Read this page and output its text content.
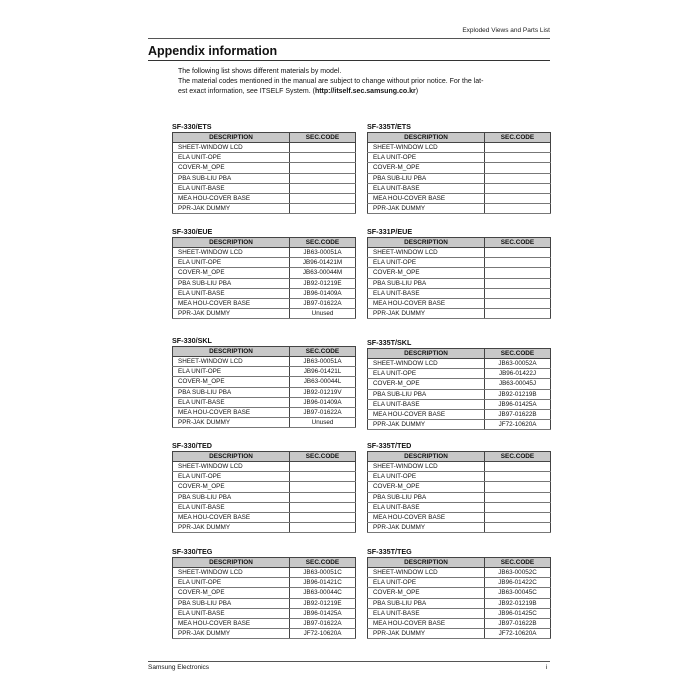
Exploded Views and Parts List
Appendix information
The following list shows different materials by model.
The material codes mentioned in the manual are subject to change without prior notice. For the lat-
est exact information, see ITSELF System. (http://itself.sec.samsung.co.kr)
SF-330/ETS
DESCRIPTION	SEC.CODE
SHEET-WINDOW LCD	
ELA UNIT-OPE	
COVER-M_OPE	
PBA SUB-LIU PBA	
ELA UNIT-BASE	
MEA HOU-COVER BASE	
PPR-JAK DUMMY	
SF-335T/ETS
DESCRIPTION	SEC.CODE
SHEET-WINDOW LCD	
ELA UNIT-OPE	
COVER-M_OPE	
PBA SUB-LIU PBA	
ELA UNIT-BASE	
MEA HOU-COVER BASE	
PPR-JAK DUMMY	
SF-330/EUE
DESCRIPTION	SEC.CODE
SHEET-WINDOW LCD	JB63-00051A
ELA UNIT-OPE	JB96-01421M
COVER-M_OPE	JB63-00044M
PBA SUB-LIU PBA	JB92-01219E
ELA UNIT-BASE	JB96-01409A
MEA HOU-COVER BASE	JB97-01622A
PPR-JAK DUMMY	Unused
SF-331P/EUE
DESCRIPTION	SEC.CODE
SHEET-WINDOW LCD	
ELA UNIT-OPE	
COVER-M_OPE	
PBA SUB-LIU PBA	
ELA UNIT-BASE	
MEA HOU-COVER BASE	
PPR-JAK DUMMY	
SF-330/SKL
DESCRIPTION	SEC.CODE
SHEET-WINDOW LCD	JB63-00051A
ELA UNIT-OPE	JB96-01421L
COVER-M_OPE	JB63-00044L
PBA SUB-LIU PBA	JB92-01219V
ELA UNIT-BASE	JB96-01409A
MEA HOU-COVER BASE	JB97-01622A
PPR-JAK DUMMY	Unused
SF-335T/SKL
DESCRIPTION	SEC.CODE
SHEET-WINDOW LCD	JB63-00052A
ELA UNIT-OPE	JB96-01422J
COVER-M_OPE	JB63-00045J
PBA SUB-LIU PBA	JB92-01219B
ELA UNIT-BASE	JB96-01425A
MEA HOU-COVER BASE	JB97-01622B
PPR-JAK DUMMY	JF72-10620A
SF-330/TED
DESCRIPTION	SEC.CODE
SHEET-WINDOW LCD	
ELA UNIT-OPE	
COVER-M_OPE	
PBA SUB-LIU PBA	
ELA UNIT-BASE	
MEA HOU-COVER BASE	
PPR-JAK DUMMY	
SF-335T/TED
DESCRIPTION	SEC.CODE
SHEET-WINDOW LCD	
ELA UNIT-OPE	
COVER-M_OPE	
PBA SUB-LIU PBA	
ELA UNIT-BASE	
MEA HOU-COVER BASE	
PPR-JAK DUMMY	
SF-330/TEG
DESCRIPTION	SEC.CODE
SHEET-WINDOW LCD	JB63-00051C
ELA UNIT-OPE	JB96-01421C
COVER-M_OPE	JB63-00044C
PBA SUB-LIU PBA	JB92-01219E
ELA UNIT-BASE	JB96-01425A
MEA HOU-COVER BASE	JB97-01622A
PPR-JAK DUMMY	JF72-10620A
SF-335T/TEG
DESCRIPTION	SEC.CODE
SHEET-WINDOW LCD	JB63-00052C
ELA UNIT-OPE	JB96-01422C
COVER-M_OPE	JB63-00045C
PBA SUB-LIU PBA	JB92-01219B
ELA UNIT-BASE	JB96-01425C
MEA HOU-COVER BASE	JB97-01622B
PPR-JAK DUMMY	JF72-10620A
Samsung Electronics	i
